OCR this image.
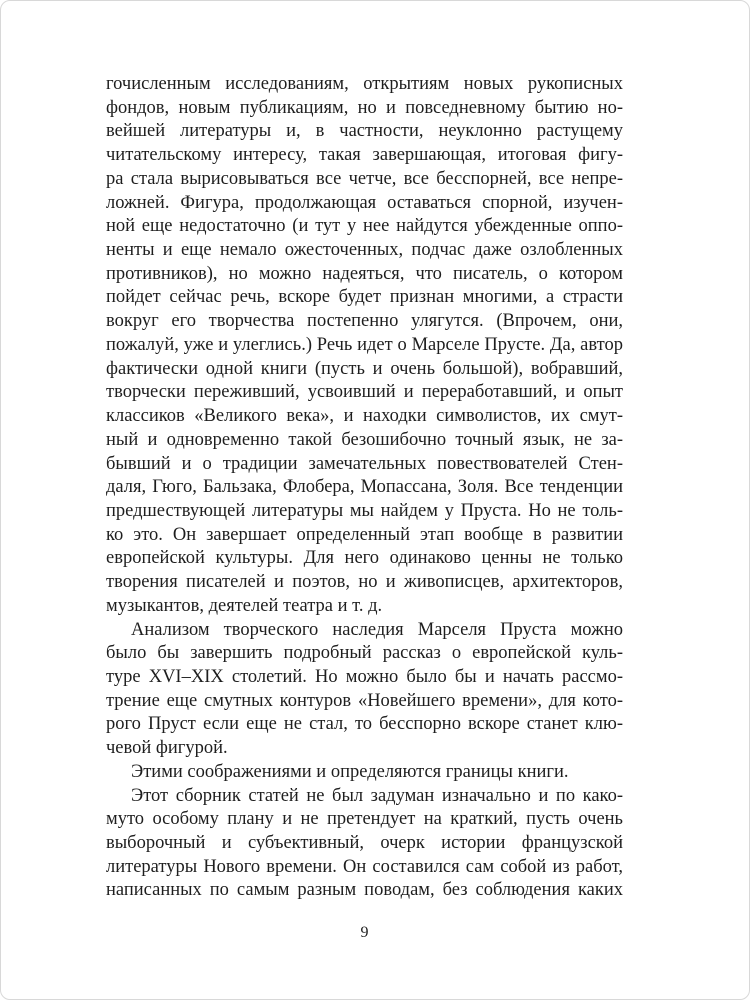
гочисленным исследованиям, открытиям новых рукописных
фондов, новым публикациям, но и повседневному бытию но-
вейшей литературы и, в частности, неуклонно растущему
читательскому интересу, такая завершающая, итоговая фигу-
ра стала вырисовываться все четче, все бесспорней, все непре-
ложней. Фигура, продолжающая оставаться спорной, изучен-
ной еще недостаточно (и тут у нее найдутся убежденные оппо-
ненты и еще немало ожесточенных, подчас даже озлобленных
противников), но можно надеяться, что писатель, о котором
пойдет сейчас речь, вскоре будет признан многими, а страсти
вокруг его творчества постепенно улягутся. (Впрочем, они,
пожалуй, уже и улеглись.) Речь идет о Марселе Прусте. Да, автор
фактически одной книги (пусть и очень большой), вобравший,
творчески переживший, усвоивший и переработавший, и опыт
классиков «Великого века», и находки символистов, их смут-
ный и одновременно такой безошибочно точный язык, не за-
бывший и о традиции замечательных повествователей Стен-
даля, Гюго, Бальзака, Флобера, Мопассана, Золя. Все тенденции
предшествующей литературы мы найдем у Пруста. Но не толь-
ко это. Он завершает определенный этап вообще в развитии
европейской культуры. Для него одинаково ценны не только
творения писателей и поэтов, но и живописцев, архитекторов,
музыкантов, деятелей театра и т. д.
Анализом творческого наследия Марселя Пруста можно
было бы завершить подробный рассказ о европейской куль-
туре XVI–XIX столетий. Но можно было бы и начать рассмо-
трение еще смутных контуров «Новейшего времени», для кото-
рого Пруст если еще не стал, то бесспорно вскоре станет клю-
чевой фигурой.
Этими соображениями и определяются границы книги.
Этот сборник статей не был задуман изначально и по како-
муто особому плану и не претендует на краткий, пусть очень
выборочный и субъективный, очерк истории французской
литературы Нового времени. Он составился сам собой из работ,
написанных по самым разным поводам, без соблюдения каких
9
